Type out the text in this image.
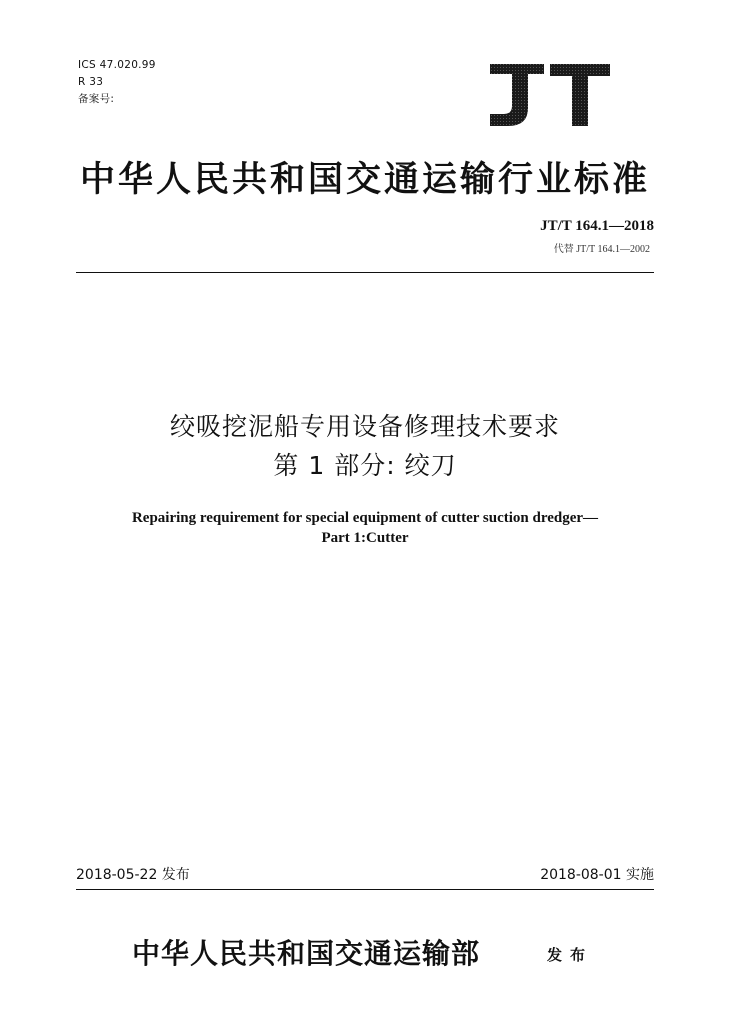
ICS 47.020.99
R 33
备案号:
中华人民共和国交通运输行业标准
JT/T 164.1—2018
代替 JT/T 164.1—2002
绞吸挖泥船专用设备修理技术要求
第 1 部分: 绞刀
Repairing requirement for special equipment of cutter suction dredger—
Part 1:Cutter
2018-05-22 发布	2018-08-01 实施
中华人民共和国交通运输部	发布
